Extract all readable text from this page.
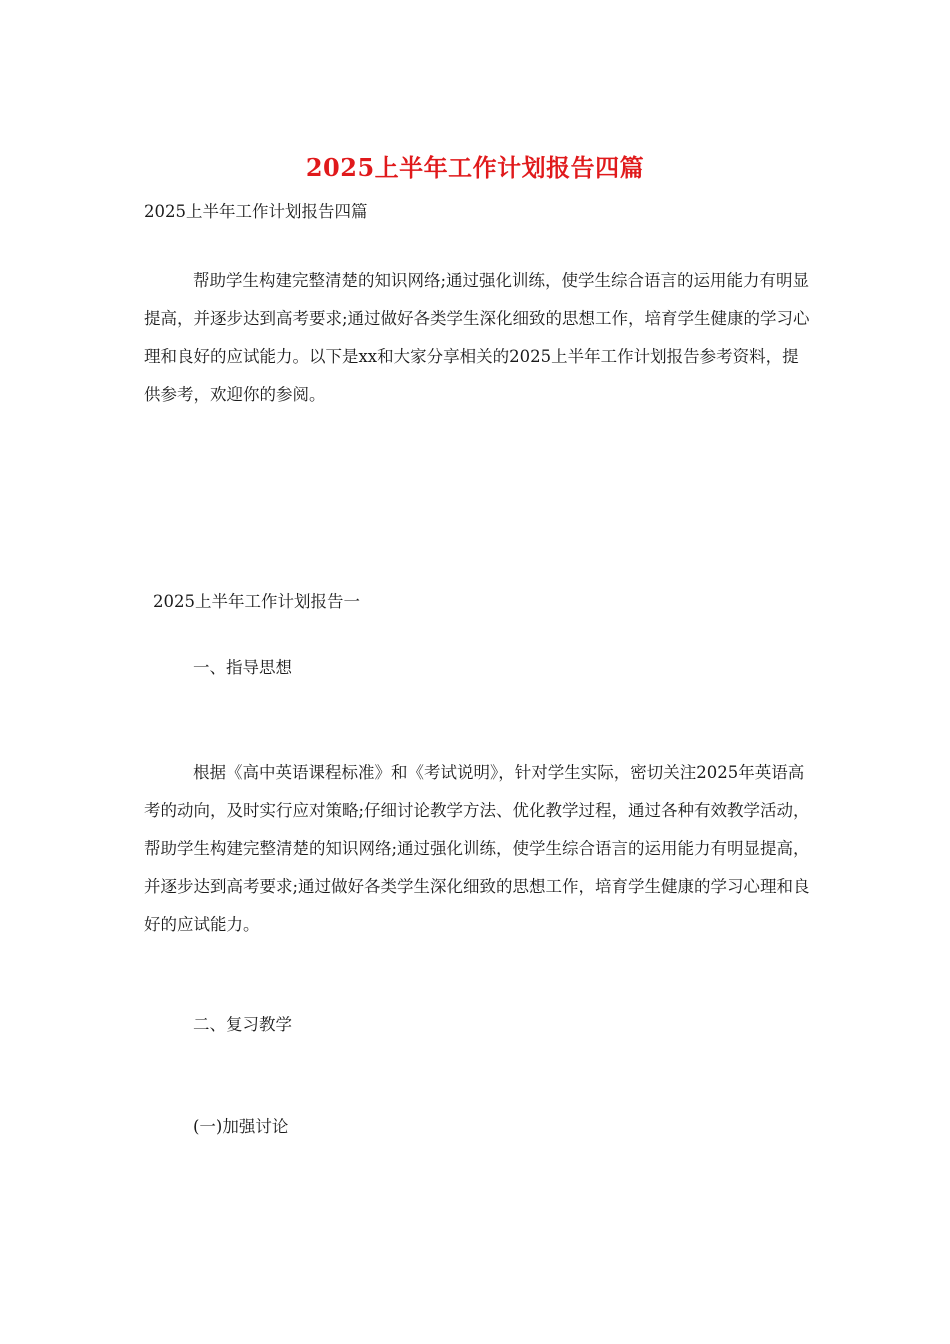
2025上半年工作计划报告四篇
2025上半年工作计划报告四篇
帮助学生构建完整清楚的知识网络;通过强化训练，使学生综合语言的运用能力有明显提高，并逐步达到高考要求;通过做好各类学生深化细致的思想工作，培育学生健康的学习心理和良好的应试能力。以下是xx和大家分享相关的2025上半年工作计划报告参考资料，提供参考，欢迎你的参阅。
2025上半年工作计划报告一
一、指导思想
根据《高中英语课程标准》和《考试说明》，针对学生实际，密切关注2025年英语高考的动向，及时实行应对策略;仔细讨论教学方法、优化教学过程，通过各种有效教学活动，帮助学生构建完整清楚的知识网络;通过强化训练，使学生综合语言的运用能力有明显提高，并逐步达到高考要求;通过做好各类学生深化细致的思想工作，培育学生健康的学习心理和良好的应试能力。
二、复习教学
(一)加强讨论
